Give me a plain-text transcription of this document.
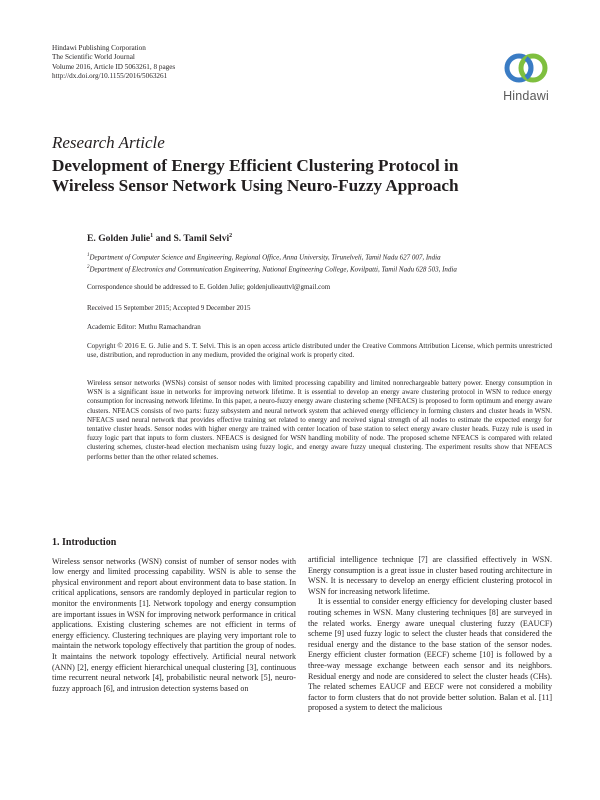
Hindawi Publishing Corporation
The Scientific World Journal
Volume 2016, Article ID 5063261, 8 pages
http://dx.doi.org/10.1155/2016/5063261
Hindawi
Research Article
Development of Energy Efficient Clustering Protocol in
Wireless Sensor Network Using Neuro-Fuzzy Approach
E. Golden Julie$^1$ and S. Tamil Selvi$^2$
$^1$Department of Computer Science and Engineering, Regional Office, Anna University, Tirunelveli, Tamil Nadu 627 007, India
$^2$Department of Electronics and Communication Engineering, National Engineering College, Kovilpatti, Tamil Nadu 628 503, India
Correspondence should be addressed to E. Golden Julie; goldenjulieauttvl@gmail.com
Received 15 September 2015; Accepted 9 December 2015
Academic Editor: Muthu Ramachandran
Copyright © 2016 E. G. Julie and S. T. Selvi. This is an open access article distributed under the Creative Commons Attribution License, which permits unrestricted use, distribution, and reproduction in any medium, provided the original work is properly cited.
Wireless sensor networks (WSNs) consist of sensor nodes with limited processing capability and limited nonrechargeable battery power. Energy consumption in WSN is a significant issue in networks for improving network lifetime. It is essential to develop an energy aware clustering protocol in WSN to reduce energy consumption for increasing network lifetime. In this paper, a neuro-fuzzy energy aware clustering scheme (NFEACS) is proposed to form optimum and energy aware clusters. NFEACS consists of two parts: fuzzy subsystem and neural network system that achieved energy efficiency in forming clusters and cluster heads in WSN. NFEACS used neural network that provides effective training set related to energy and received signal strength of all nodes to estimate the expected energy for tentative cluster heads. Sensor nodes with higher energy are trained with center location of base station to select energy aware cluster heads. Fuzzy rule is used in fuzzy logic part that inputs to form clusters. NFEACS is designed for WSN handling mobility of node. The proposed scheme NFEACS is compared with related clustering schemes, cluster-head election mechanism using fuzzy logic, and energy aware fuzzy unequal clustering. The experiment results show that NFEACS performs better than the other related schemes.
1. Introduction

Wireless sensor networks (WSN) consist of number of sensor nodes with low energy and limited processing capability. WSN is able to sense the physical environment and report about environment data to base station. In critical applications, sensors are randomly deployed in particular region to monitor the environments [1]. Network topology and energy consumption are important issues in WSN for improving network performance in critical applications. Existing clustering schemes are not efficient in terms of energy efficiency. Clustering techniques are playing very important role to maintain the network topology effectively that partition the group of nodes. It maintains the network topology effectively. Artificial neural network (ANN) [2], energy efficient hierarchical unequal clustering [3], continuous time recurrent neural network [4], probabilistic neural network [5], neuro-fuzzy approach [6], and intrusion detection systems based on

artificial intelligence technique [7] are classified effectively in WSN. Energy consumption is a great issue in cluster based routing architecture in WSN. It is necessary to develop an energy efficient clustering protocol in WSN for increasing network lifetime.

It is essential to consider energy efficiency for developing cluster based routing schemes in WSN. Many clustering techniques [8] are surveyed in the related works. Energy aware unequal clustering fuzzy (EAUCF) scheme [9] used fuzzy logic to select the cluster heads that considered the residual energy and the distance to the base station of the sensor nodes. Energy efficient cluster formation (EECF) scheme [10] is followed by a three-way message exchange between each sensor and its neighbors. Residual energy and node are considered to select the cluster heads (CHs). The related schemes EAUCF and EECF were not considered a mobility factor to form clusters that do not provide better solution. Balan et al. [11] proposed a system to detect the malicious
